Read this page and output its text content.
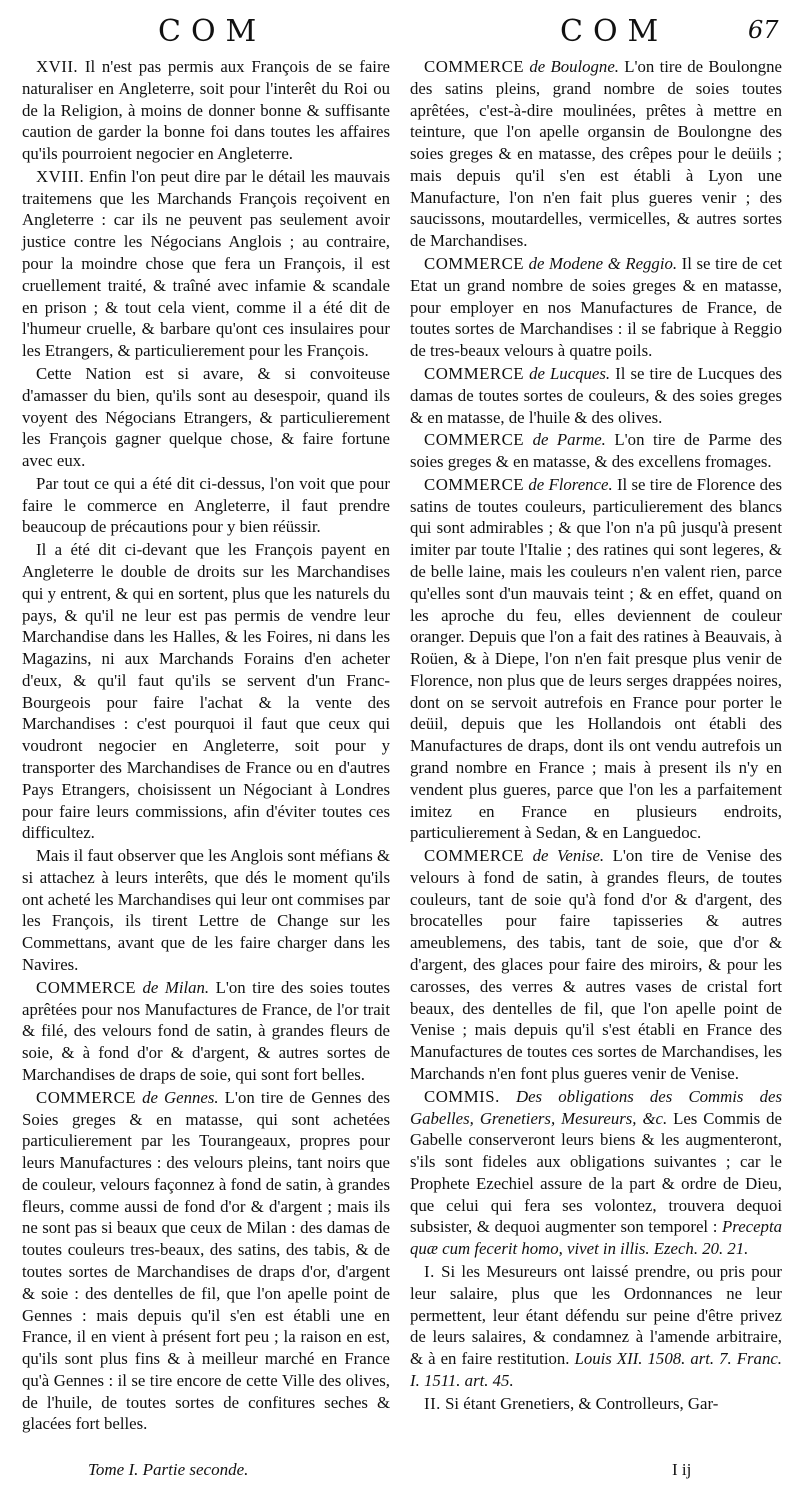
COM	COM	67

XVII. Il n'est pas permis aux François de se faire naturaliser en Angleterre, soit pour l'interêt du Roi ou de la Religion, à moins de donner bonne & suffisante caution de garder la bonne foi dans toutes les affaires qu'ils pourroient negocier en Angleterre.

XVIII. Enfin l'on peut dire par le détail les mauvais traitemens que les Marchands François reçoivent en Angleterre : car ils ne peuvent pas seulement avoir justice contre les Négocians Anglois ; au contraire, pour la moindre chose que fera un François, il est cruellement traité, & traîné avec infamie & scandale en prison ; & tout cela vient, comme il a été dit de l'humeur cruelle, & barbare qu'ont ces insulaires pour les Etrangers, & particulierement pour les François.

Cette Nation est si avare, & si convoiteuse d'amasser du bien, qu'ils sont au desespoir, quand ils voyent des Négocians Etrangers, & particulierement les François gagner quelque chose, & faire fortune avec eux.

Par tout ce qui a été dit ci-dessus, l'on voit que pour faire le commerce en Angleterre, il faut prendre beaucoup de précautions pour y bien réüssir.

Il a été dit ci-devant que les François payent en Angleterre le double de droits sur les Marchandises qui y entrent, & qui en sortent, plus que les naturels du pays, & qu'il ne leur est pas permis de vendre leur Marchandise dans les Halles, & les Foires, ni dans les Magazins, ni aux Marchands Forains d'en acheter d'eux, & qu'il faut qu'ils se servent d'un Franc-Bourgeois pour faire l'achat & la vente des Marchandises : c'est pourquoi il faut que ceux qui voudront negocier en Angleterre, soit pour y transporter des Marchandises de France ou en d'autres Pays Etrangers, choisissent un Négociant à Londres pour faire leurs commissions, afin d'éviter toutes ces difficultez.

Mais il faut observer que les Anglois sont méfians & si attachez à leurs interêts, que dés le moment qu'ils ont acheté les Marchandises qui leur ont commises par les François, ils tirent Lettre de Change sur les Commettans, avant que de les faire charger dans les Navires.

COMMERCE de Milan. L'on tire des soies toutes aprêtées pour nos Manufactures de France, de l'or trait & filé, des velours fond de satin, à grandes fleurs de soie, & à fond d'or & d'argent, & autres sortes de Marchandises de draps de soie, qui sont fort belles.

COMMERCE de Gennes. L'on tire de Gennes des Soies greges & en matasse, qui sont achetées particulierement par les Tourangeaux, propres pour leurs Manufactures : des velours pleins, tant noirs que de couleur, velours façonnez à fond de satin, à grandes fleurs, comme aussi de fond d'or & d'argent ; mais ils ne sont pas si beaux que ceux de Milan : des damas de toutes couleurs tres-beaux, des satins, des tabis, & de toutes sortes de Marchandises de draps d'or, d'argent & soie : des dentelles de fil, que l'on apelle point de Gennes : mais depuis qu'il s'en est établi une en France, il en vient à présent fort peu ; la raison en est, qu'ils sont plus fins & à meilleur marché en France qu'à Gennes : il se tire encore de cette Ville des olives, de l'huile, de toutes sortes de confitures seches & glacées fort belles.

COMMERCE de Boulogne. L'on tire de Boulongne des satins pleins, grand nombre de soies toutes aprêtées, c'est-à-dire moulinées, prêtes à mettre en teinture, que l'on apelle organsin de Boulongne des soies greges & en matasse, des crêpes pour le deüils ; mais depuis qu'il s'en est établi à Lyon une Manufacture, l'on n'en fait plus gueres venir ; des saucissons, moutardelles, vermicelles, & autres sortes de Marchandises.

COMMERCE de Modene & Reggio. Il se tire de cet Etat un grand nombre de soies greges & en matasse, pour employer en nos Manufactures de France, de toutes sortes de Marchandises : il se fabrique à Reggio de tres-beaux velours à quatre poils.

COMMERCE de Lucques. Il se tire de Lucques des damas de toutes sortes de couleurs, & des soies greges & en matasse, de l'huile & des olives.

COMMERCE de Parme. L'on tire de Parme des soies greges & en matasse, & des excellens fromages.

COMMERCE de Florence. Il se tire de Florence des satins de toutes couleurs, particulierement des blancs qui sont admirables ; & que l'on n'a pû jusqu'à present imiter par toute l'Italie ; des ratines qui sont legeres, & de belle laine, mais les couleurs n'en valent rien, parce qu'elles sont d'un mauvais teint ; & en effet, quand on les aproche du feu, elles deviennent de couleur oranger. Depuis que l'on a fait des ratines à Beauvais, à Roüen, & à Diepe, l'on n'en fait presque plus venir de Florence, non plus que de leurs serges drappées noires, dont on se servoit autrefois en France pour porter le deüil, depuis que les Hollandois ont établi des Manufactures de draps, dont ils ont vendu autrefois un grand nombre en France ; mais à present ils n'y en vendent plus gueres, parce que l'on les a parfaitement imitez en France en plusieurs endroits, particulierement à Sedan, & en Languedoc.

COMMERCE de Venise. L'on tire de Venise des velours à fond de satin, à grandes fleurs, de toutes couleurs, tant de soie qu'à fond d'or & d'argent, des brocatelles pour faire tapisseries & autres ameublemens, des tabis, tant de soie, que d'or & d'argent, des glaces pour faire des miroirs, & pour les carosses, des verres & autres vases de cristal fort beaux, des dentelles de fil, que l'on apelle point de Venise ; mais depuis qu'il s'est établi en France des Manufactures de toutes ces sortes de Marchandises, les Marchands n'en font plus gueres venir de Venise.

COMMIS. Des obligations des Commis des Gabelles, Grenetiers, Mesureurs, &c. Les Commis de Gabelle conserveront leurs biens & les augmenteront, s'ils sont fideles aux obligations suivantes ; car le Prophete Ezechiel assure de la part & ordre de Dieu, que celui qui fera ses volontez, trouvera dequoi subsister, & dequoi augmenter son temporel : Precepta quæ cum fecerit homo, vivet in illis. Ezech. 20. 21.

I. Si les Mesureurs ont laissé prendre, ou pris pour leur salaire, plus que les Ordonnances ne leur permettent, leur étant défendu sur peine d'être privez de leurs salaires, & condamnez à l'amende arbitraire, & à en faire restitution. Louis XII. 1508. art. 7. Franc. I. 1511. art. 45.

II. Si étant Grenetiers, & Controlleurs, Gar-

Tome I. Partie seconde.	I ij
